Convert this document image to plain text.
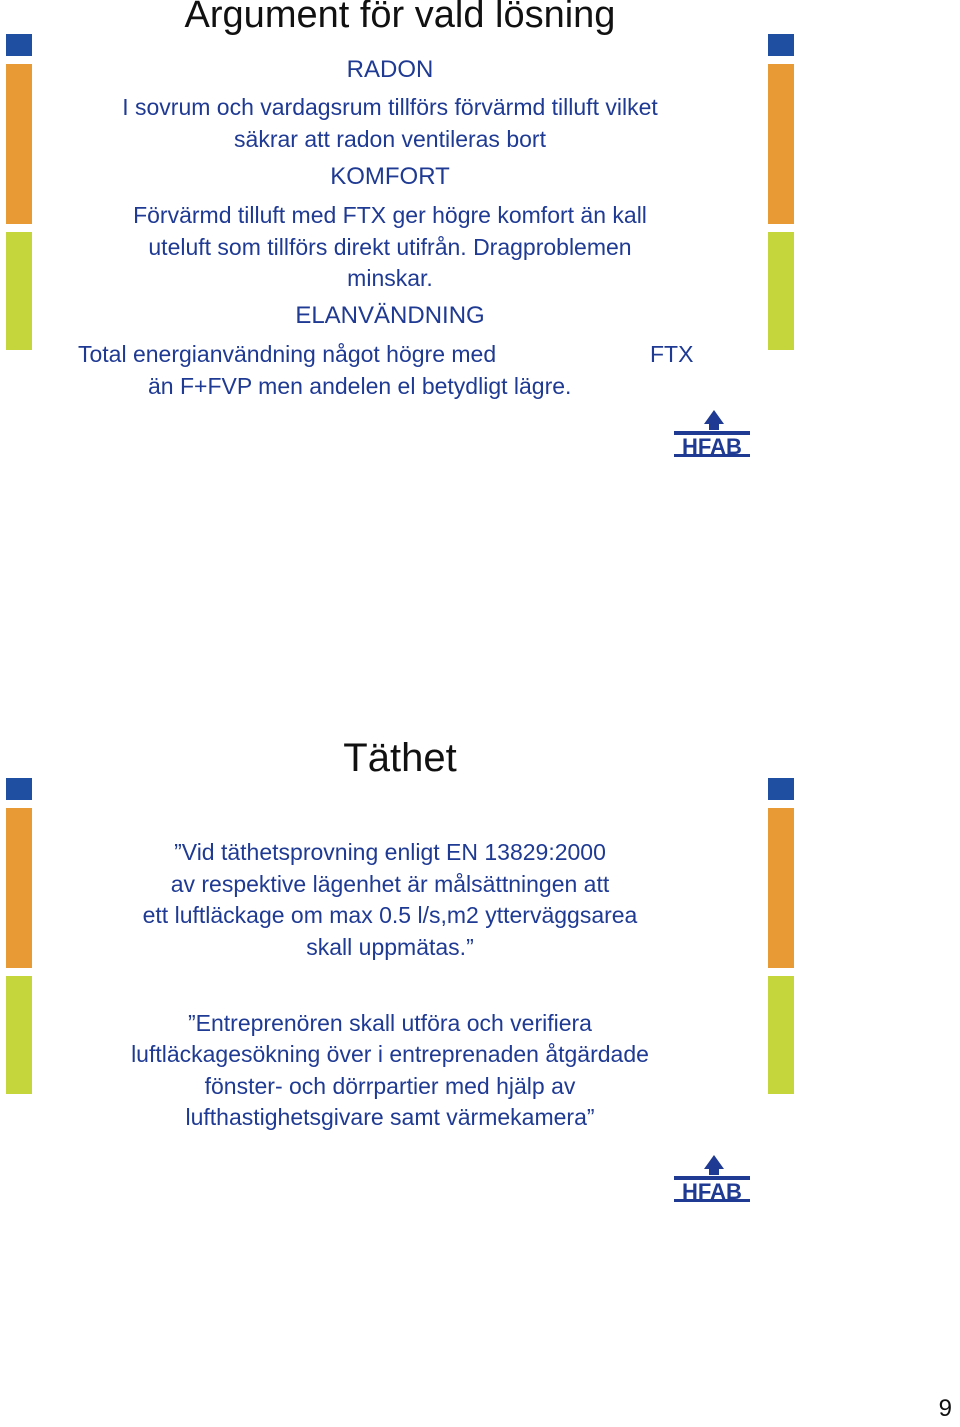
Argument för vald lösning
RADON
I sovrum och vardagsrum tillförs förvärmd tilluft vilket
säkrar att radon ventileras bort
KOMFORT
Förvärmd tilluft med FTX ger högre komfort än kall
uteluft som tillförs direkt utifrån. Dragproblemen
minskar.
ELANVÄNDNING
Total energianvändning något högre med	FTX
än F+FVP men andelen el betydligt lägre.
HFAB
Täthet
”Vid täthetsprovning enligt EN 13829:2000
av respektive lägenhet är målsättningen att
ett luftläckage om max 0.5 l/s,m2 ytterväggsarea
skall uppmätas.”
”Entreprenören skall utföra och verifiera
luftläckagesökning över i entreprenaden åtgärdade
fönster- och dörrpartier med hjälp av
lufthastighetsgivare samt värmekamera”
HFAB
9
